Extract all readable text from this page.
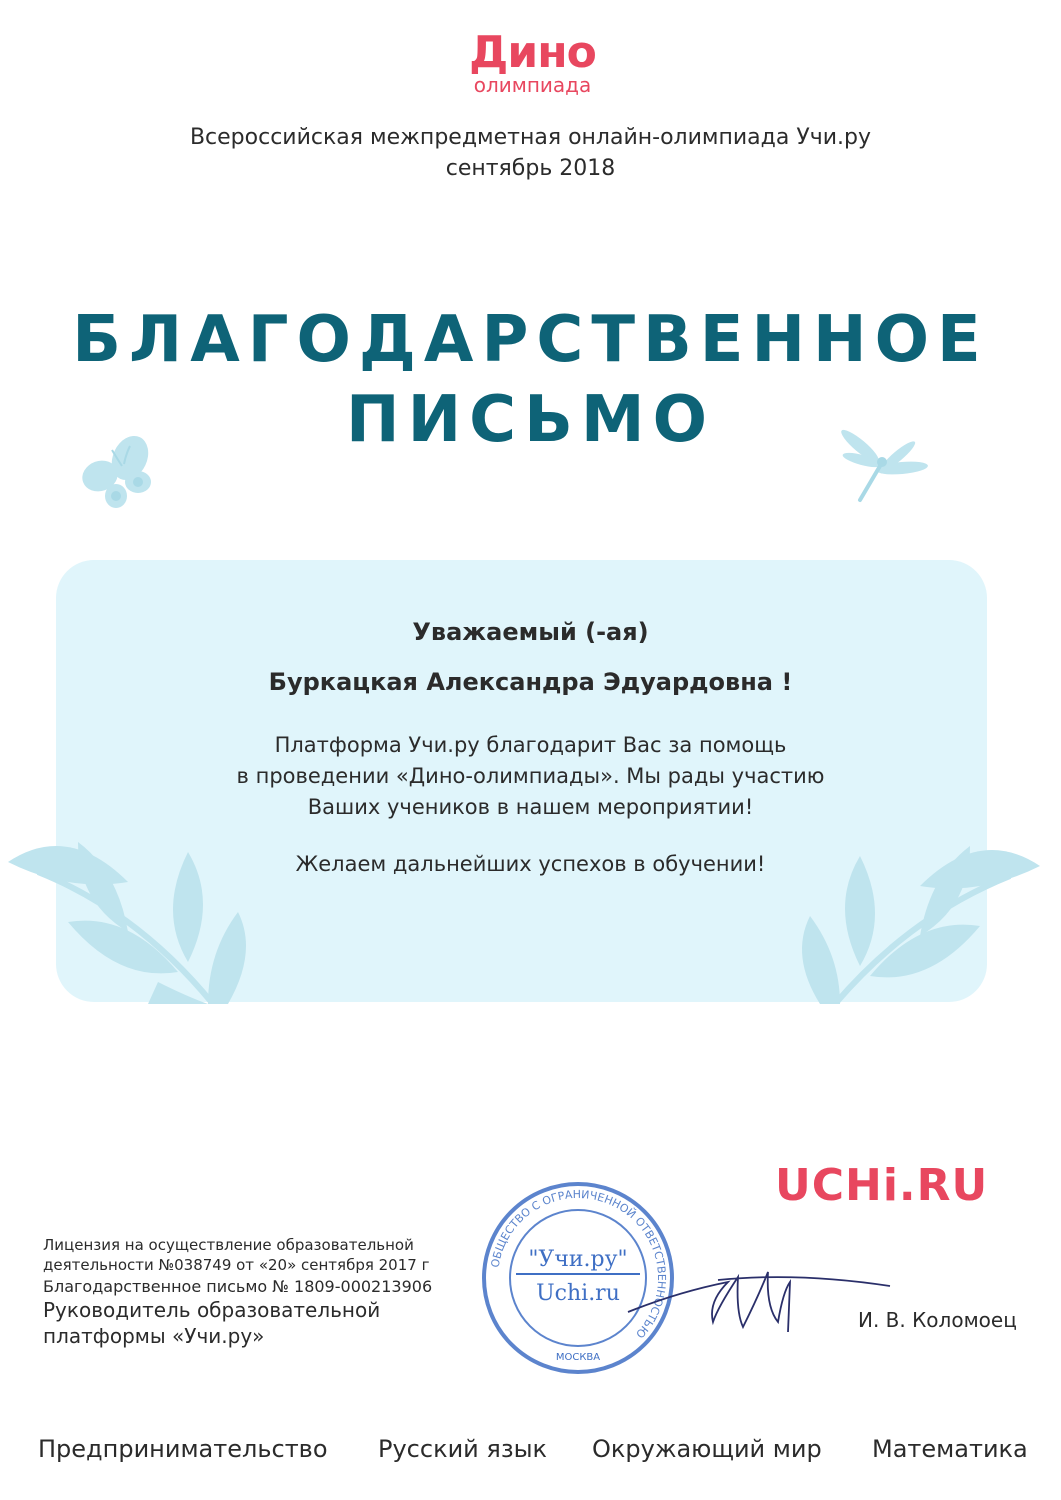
Дино
олимпиада
Всероссийская межпредметная онлайн-олимпиада Учи.ру
сентябрь 2018
БЛАГОДАРСТВЕННОЕ
ПИСЬМО
Уважаемый (-ая)
Буркацкая Александра Эдуардовна !
Платформа Учи.ру благодарит Вас за помощь
в проведении «Дино-олимпиады». Мы рады участию
Ваших учеников в нашем мероприятии!
Желаем дальнейших успехов в обучении!
UCHi.RU
ОБЩЕСТВО С ОГРАНИЧЕННОЙ ОТВЕТСТВЕННОСТЬЮ
"Учи.ру"
Uchi.ru
МОСКВА
Лицензия на осуществление образовательной
деятельности №038749 от «20» сентября 2017 г
Благодарственное письмо № 1809-000213906
Руководитель образовательной
платформы «Учи.ру»
И. В. Коломоец
Предпринимательство Русский язык Окружающий мир Математика
